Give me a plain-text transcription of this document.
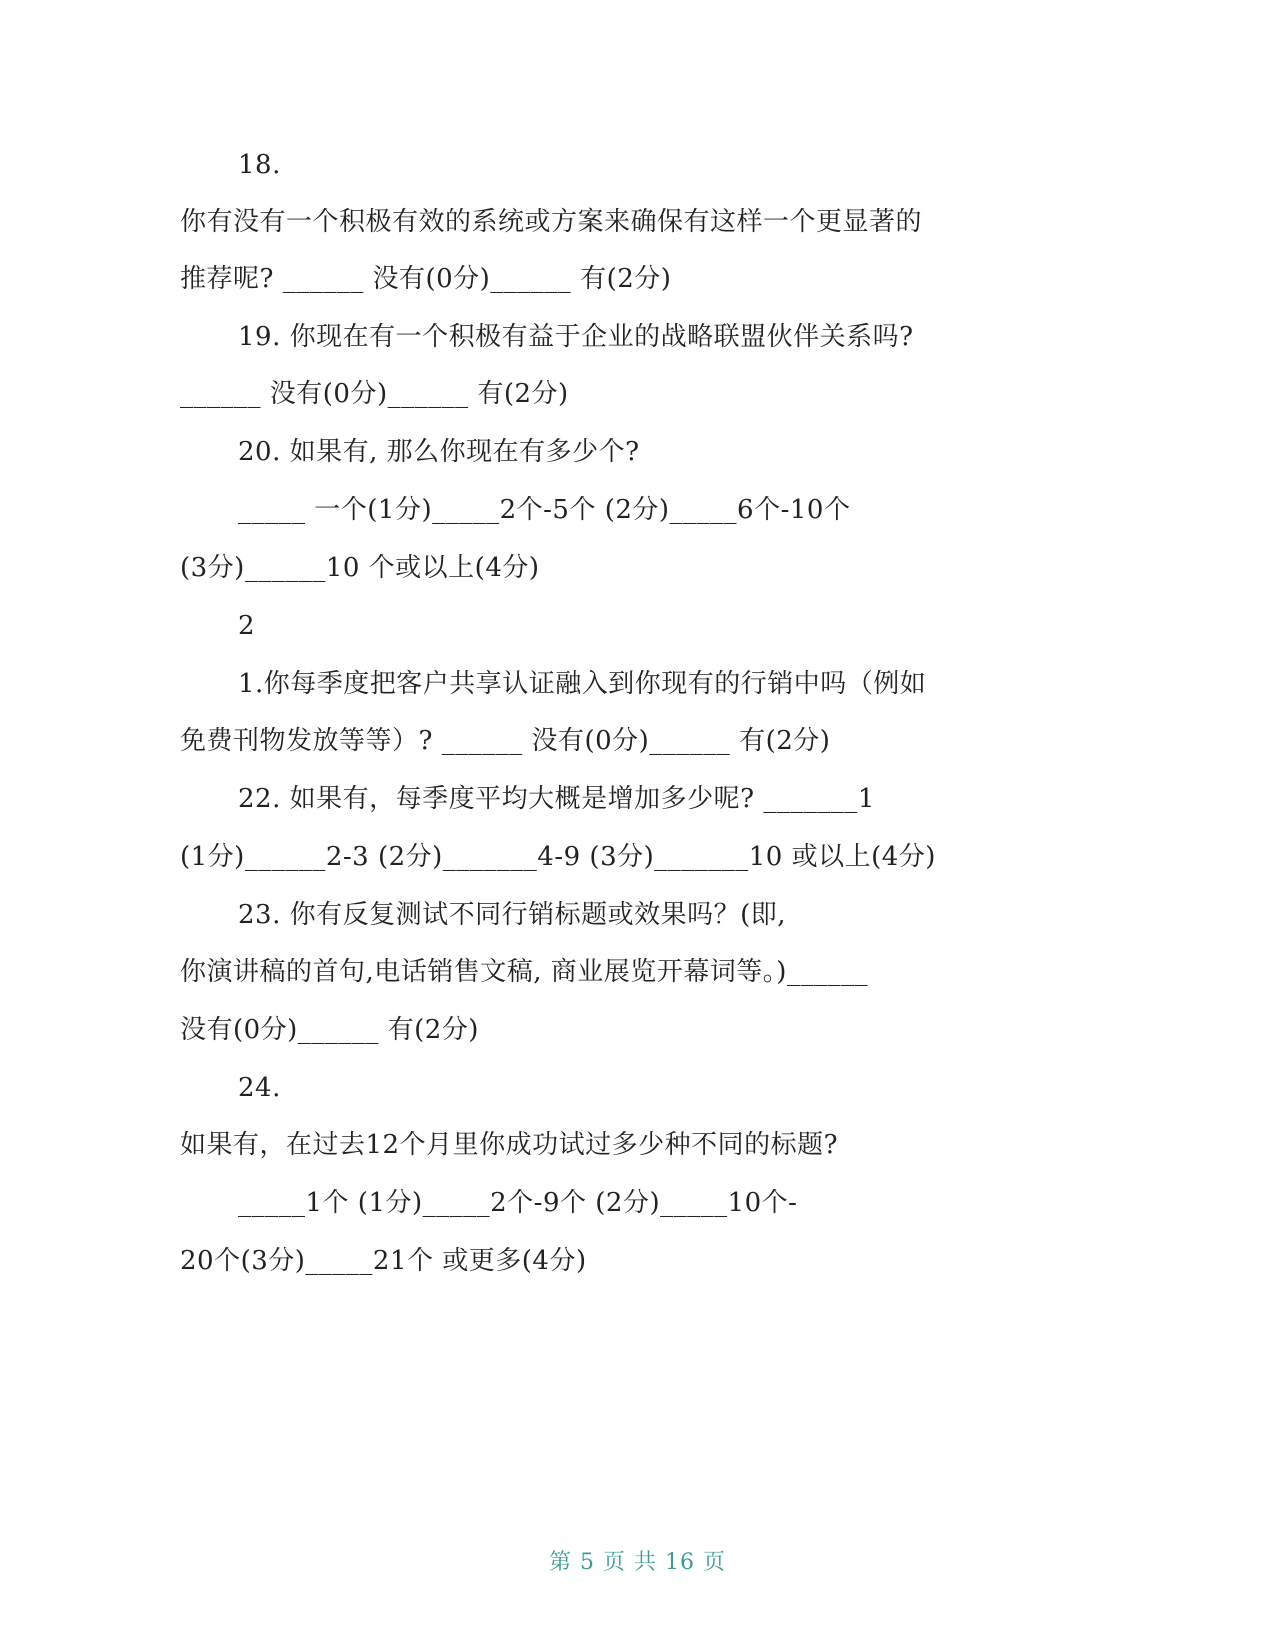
18.
你有没有一个积极有效的系统或方案来确保有这样一个更显著的
推荐呢? ______ 没有(0分)______ 有(2分)
19. 你现在有一个积极有益于企业的战略联盟伙伴关系吗?
______ 没有(0分)______ 有(2分)
20. 如果有, 那么你现在有多少个?
_____ 一个(1分)_____2个-5个 (2分)_____6个-10个
(3分)______10 个或以上(4分)
2
1.你每季度把客户共享认证融入到你现有的行销中吗（例如
免费刊物发放等等）? ______ 没有(0分)______ 有(2分)
22. 如果有，每季度平均大概是增加多少呢? _______1
(1分)______2-3 (2分)_______4-9 (3分)_______10 或以上(4分)
23. 你有反复测试不同行销标题或效果吗？(即,
你演讲稿的首句,电话销售文稿, 商业展览开幕词等。)______
没有(0分)______ 有(2分)
24.
如果有，在过去12个月里你成功试过多少种不同的标题?
_____1个 (1分)_____2个-9个 (2分)_____10个-
20个(3分)_____21个 或更多(4分)
第 5 页 共 16 页
